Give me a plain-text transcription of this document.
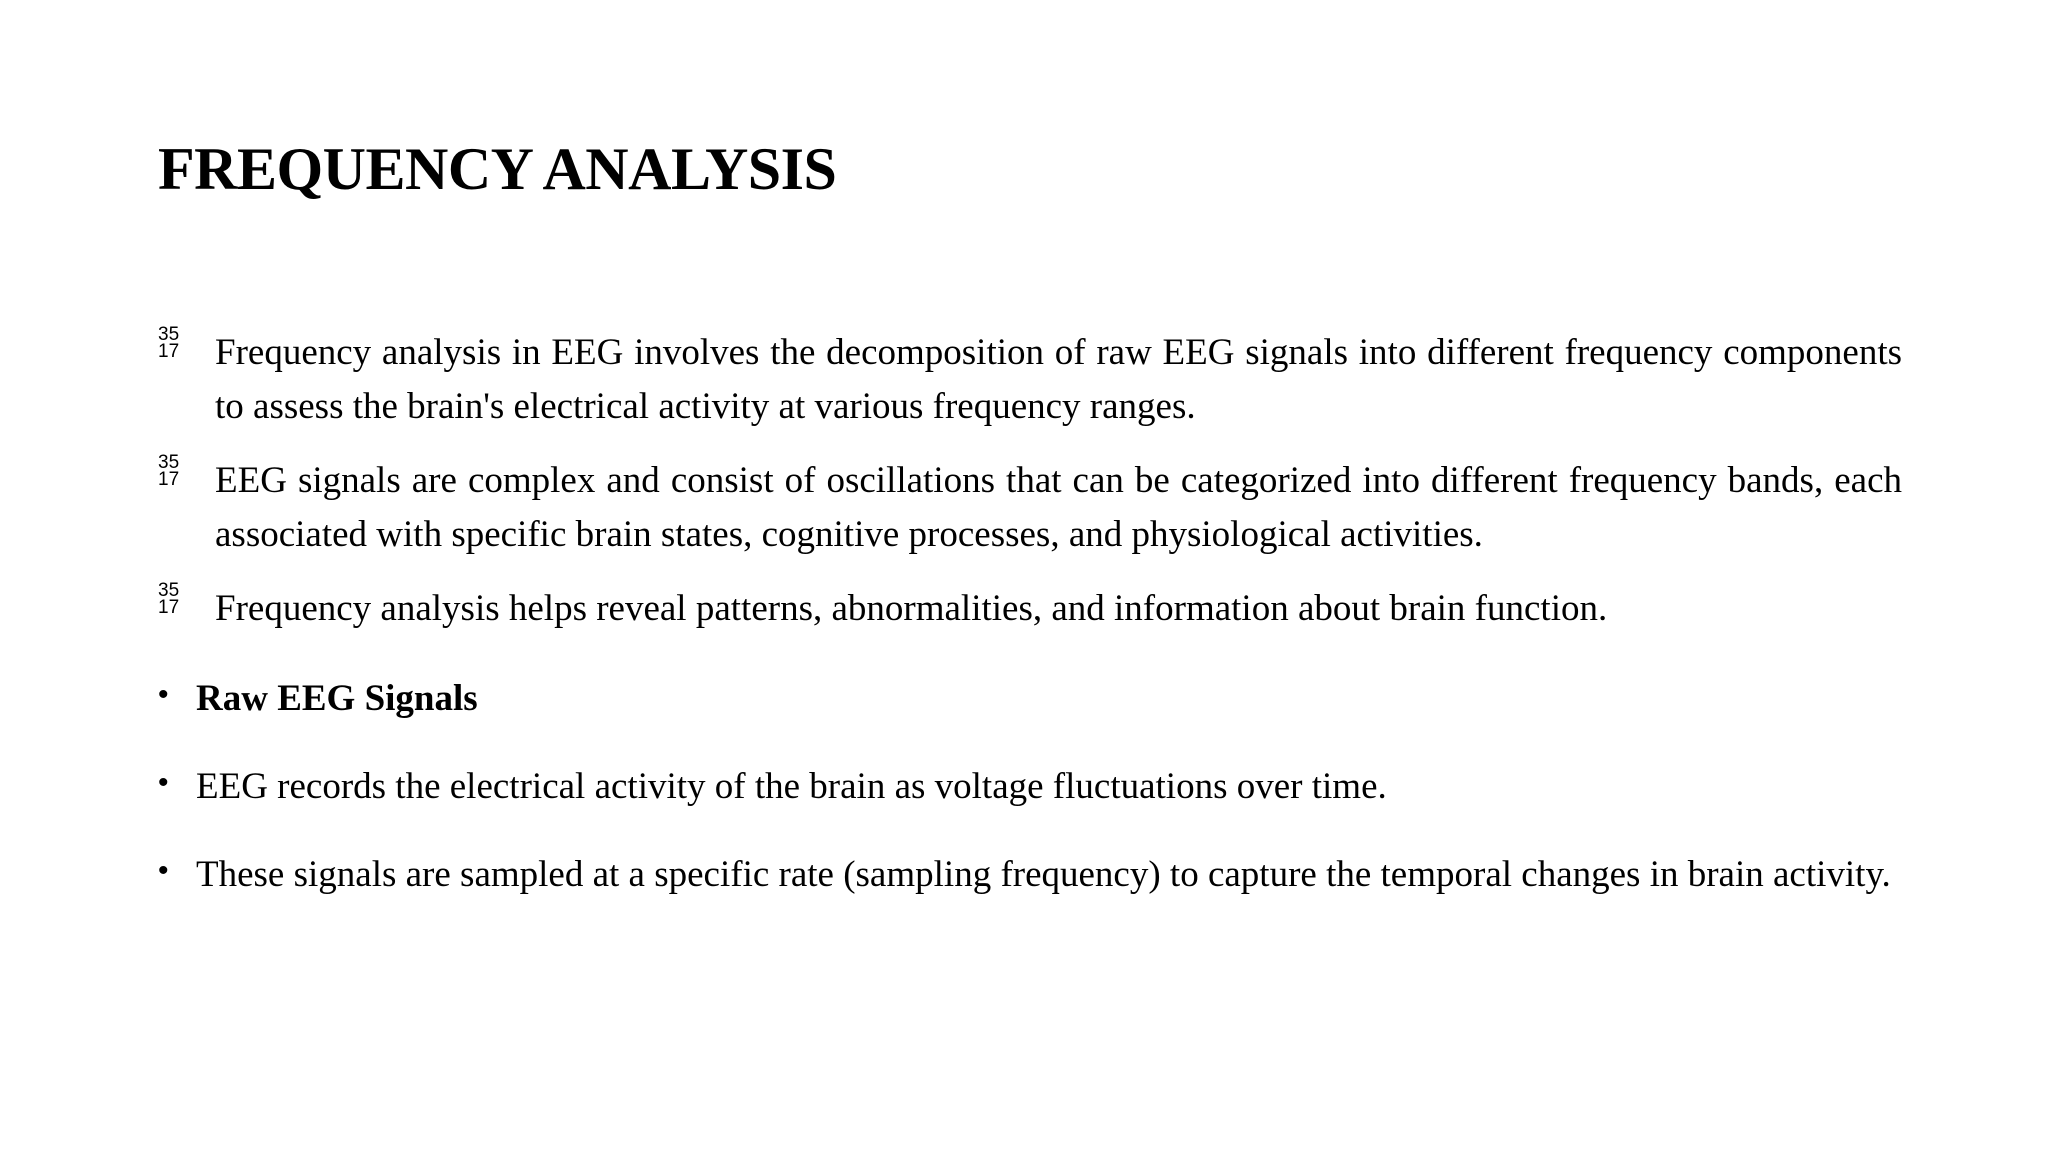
FREQUENCY ANALYSIS
35
17 Frequency analysis in EEG involves the decomposition of raw EEG signals into different frequency components to assess the brain's electrical activity at various frequency ranges.
35
17 EEG signals are complex and consist of oscillations that can be categorized into different frequency bands, each associated with specific brain states, cognitive processes, and physiological activities.
35
17 Frequency analysis helps reveal patterns, abnormalities, and information about brain function.
• Raw EEG Signals
• EEG records the electrical activity of the brain as voltage fluctuations over time.
• These signals are sampled at a specific rate (sampling frequency) to capture the temporal changes in brain activity.
